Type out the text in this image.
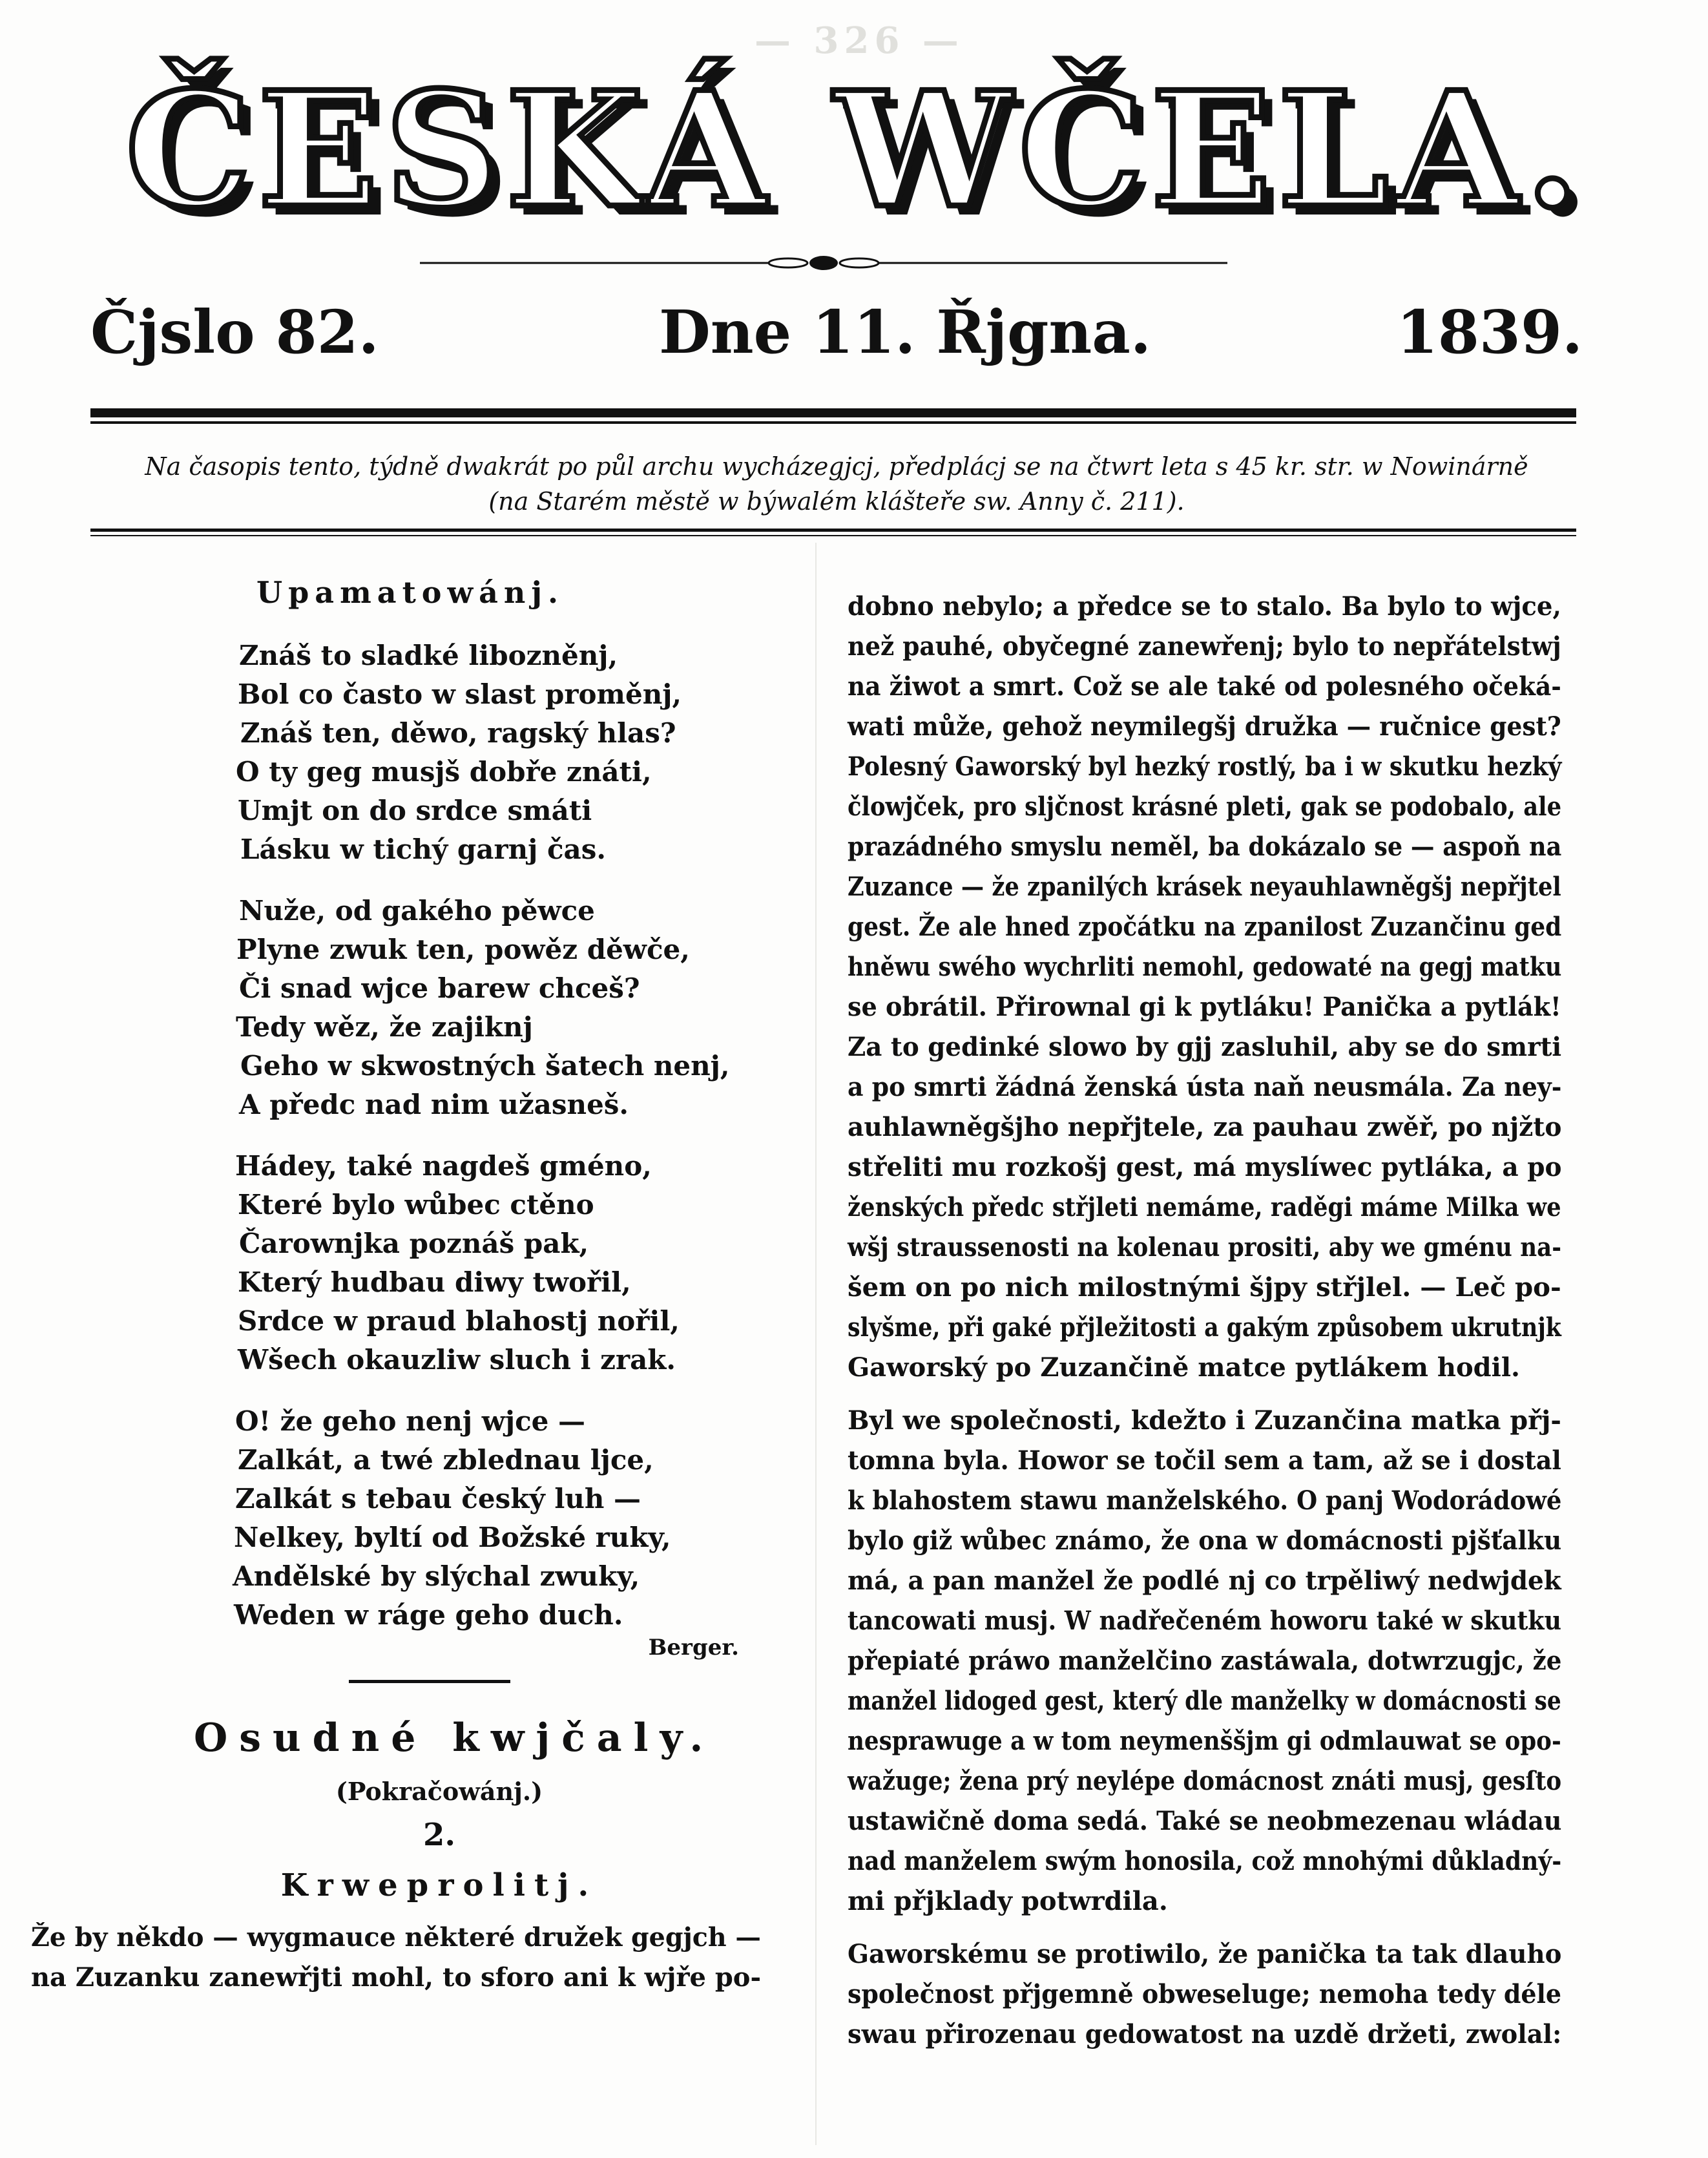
— 326 —
ČESKÁ WČELA.
Čjslo 82.	Dne 11. Řjgna.	1839.
Na časopis tento, týdně dwakrát po půl archu wycházegjcj, předplácj se na čtwrt leta s 45 kr. str. w Nowinárně
(na Starém městě w býwalém klášteře sw. Anny č. 211).
Upamatowánj.
Znáš to sladké libozněnj,
Bol co často w slast proměnj,
Znáš ten, děwo, ragský hlas?
O ty geg musjš dobře znáti,
Umjt on do srdce smáti
Lásku w tichý garnj čas.
Nuže, od gakého pěwce
Plyne zwuk ten, powěz děwče,
Či snad wjce barew chceš?
Tedy wěz, že zajiknj
Geho w skwostných šatech nenj,
A předc nad nim užasneš.
Hádey, také nagdeš gméno,
Které bylo wůbec ctěno
Čarownjka poznáš pak,
Který hudbau diwy twořil,
Srdce w praud blahostj nořil,
Wšech okauzliw sluch i zrak.
O! že geho nenj wjce —
Zalkát, a twé zblednau ljce,
Zalkát s tebau český luh —
Nelkey, byltí od Božské ruky,
Andělské by slýchal zwuky,
Weden w ráge geho duch.
Berger.
Osudné kwjčaly.
(Pokračowánj.)
2.
Krweprolitj.
Že by někdo — wygmauce některé družek gegjch —
na Zuzanku zanewřjti mohl, to sforo ani k wjře po-
dobno nebylo; a předce se to stalo. Ba bylo to wjce,
než pauhé, obyčegné zanewřenj; bylo to nepřátelstwj
na žiwot a smrt. Což se ale také od polesného očeká-
wati může, gehož neymilegšj družka — ručnice gest?
Polesný Gaworský byl hezký rostlý, ba i w skutku hezký
člowjček, pro sljčnost krásné pleti, gak se podobalo, ale
prazádného smyslu neměl, ba dokázalo se — aspoň na
Zuzance — že zpanilých krásek neyauhlawněgšj nepřjtel
gest. Že ale hned zpočátku na zpanilost Zuzančinu ged
hněwu swého wychrliti nemohl, gedowaté na gegj matku
se obrátil. Přirownal gi k pytláku! Panička a pytlák!
Za to gedinké slowo by gjj zasluhil, aby se do smrti
a po smrti žádná ženská ústa naň neusmála. Za ney-
auhlawněgšjho nepřjtele, za pauhau zwěř, po njžto
střeliti mu rozkošj gest, má myslíwec pytláka, a po
ženských předc střjleti nemáme, raděgi máme Milka we
wšj straussenosti na kolenau prositi, aby we gménu na-
šem on po nich milostnými šjpy střjlel. — Leč po-
slyšme, při gaké přjležitosti a gakým způsobem ukrutnjk
Gaworský po Zuzančině matce pytlákem hodil.
Byl we společnosti, kdežto i Zuzančina matka přj-
tomna byla. Howor se točil sem a tam, až se i dostal
k blahostem stawu manželského. O panj Wodorádowé
bylo giž wůbec známo, že ona w domácnosti pjšťalku
má, a pan manžel že podlé nj co trpěliwý nedwjdek
tancowati musj. W nadřečeném howoru také w skutku
přepiaté práwo manželčino zastáwala, dotwrzugjc, že
manžel lidoged gest, který dle manželky w domácnosti se
nesprawuge a w tom neymenššjm gi odmlauwat se opo-
wažuge; žena prý neylépe domácnost znáti musj, gesſto
ustawičně doma sedá. Také se neobmezenau wládau
nad manželem swým honosila, což mnohými důkladný-
mi přjklady potwrdila.
Gaworskému se protiwilo, že panička ta tak dlauho
společnost přjgemně obweseluge; nemoha tedy déle
swau přirozenau gedowatost na uzdě držeti, zwolal:
